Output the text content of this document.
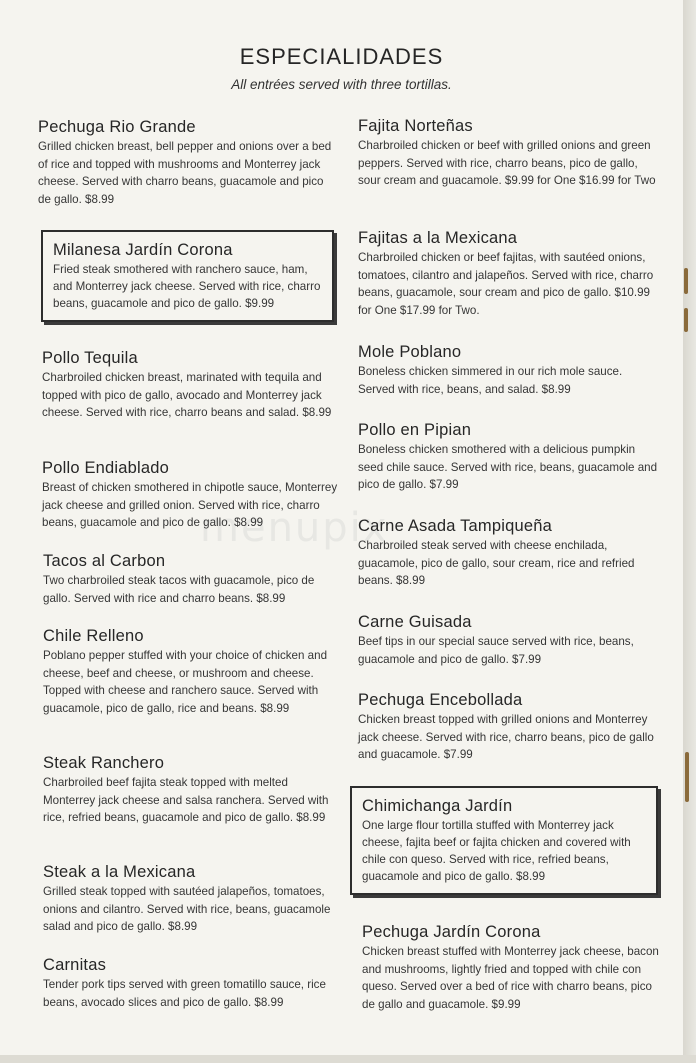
ESPECIALIDADES
All entrées served with three tortillas.
menupix
Pechuga Rio Grande
Grilled chicken breast, bell pepper and onions over a bed of rice and topped with mushrooms and Monterrey jack cheese. Served with charro beans, guacamole and pico de gallo. $8.99
Milanesa Jardín Corona
Fried steak smothered with ranchero sauce, ham, and Monterrey jack cheese. Served with rice, charro beans, guacamole and pico de gallo. $9.99
Pollo Tequila
Charbroiled chicken breast, marinated with tequila and topped with pico de gallo, avocado and Monterrey jack cheese. Served with rice, charro beans and salad. $8.99
Pollo Endiablado
Breast of chicken smothered in chipotle sauce, Monterrey jack cheese and grilled onion. Served with rice, charro beans, guacamole and pico de gallo. $8.99
Tacos al Carbon
Two charbroiled steak tacos with guacamole, pico de gallo. Served with rice and charro beans. $8.99
Chile Relleno
Poblano pepper stuffed with your choice of chicken and cheese, beef and cheese, or mushroom and cheese. Topped with cheese and ranchero sauce. Served with guacamole, pico de gallo, rice and beans. $8.99
Steak Ranchero
Charbroiled beef fajita steak topped with melted Monterrey jack cheese and salsa ranchera. Served with rice, refried beans, guacamole and pico de gallo. $8.99
Steak a la Mexicana
Grilled steak topped with sautéed jalapeños, tomatoes, onions and cilantro. Served with rice, beans, guacamole salad and pico de gallo. $8.99
Carnitas
Tender pork tips served with green tomatillo sauce, rice beans, avocado slices and pico de gallo. $8.99
Fajita Norteñas
Charbroiled chicken or beef with grilled onions and green peppers. Served with rice, charro beans, pico de gallo, sour cream and guacamole. $9.99 for One $16.99 for Two
Fajitas a la Mexicana
Charbroiled chicken or beef fajitas, with sautéed onions, tomatoes, cilantro and jalapeños. Served with rice, charro beans, guacamole, sour cream and pico de gallo. $10.99 for One $17.99 for Two.
Mole Poblano
Boneless chicken simmered in our rich mole sauce. Served with rice, beans, and salad. $8.99
Pollo en Pipian
Boneless chicken smothered with a delicious pumpkin seed chile sauce. Served with rice, beans, guacamole and pico de gallo. $7.99
Carne Asada Tampiqueña
Charbroiled steak served with cheese enchilada, guacamole, pico de gallo, sour cream, rice and refried beans. $8.99
Carne Guisada
Beef tips in our special sauce served with rice, beans, guacamole and pico de gallo. $7.99
Pechuga Encebollada
Chicken breast topped with grilled onions and Monterrey jack cheese. Served with rice, charro beans, pico de gallo and guacamole. $7.99
Chimichanga Jardín
One large flour tortilla stuffed with Monterrey jack cheese, fajita beef or fajita chicken and covered with chile con queso. Served with rice, refried beans, guacamole and pico de gallo. $8.99
Pechuga Jardín Corona
Chicken breast stuffed with Monterrey jack cheese, bacon and mushrooms, lightly fried and topped with chile con queso. Served over a bed of rice with charro beans, pico de gallo and guacamole. $9.99
